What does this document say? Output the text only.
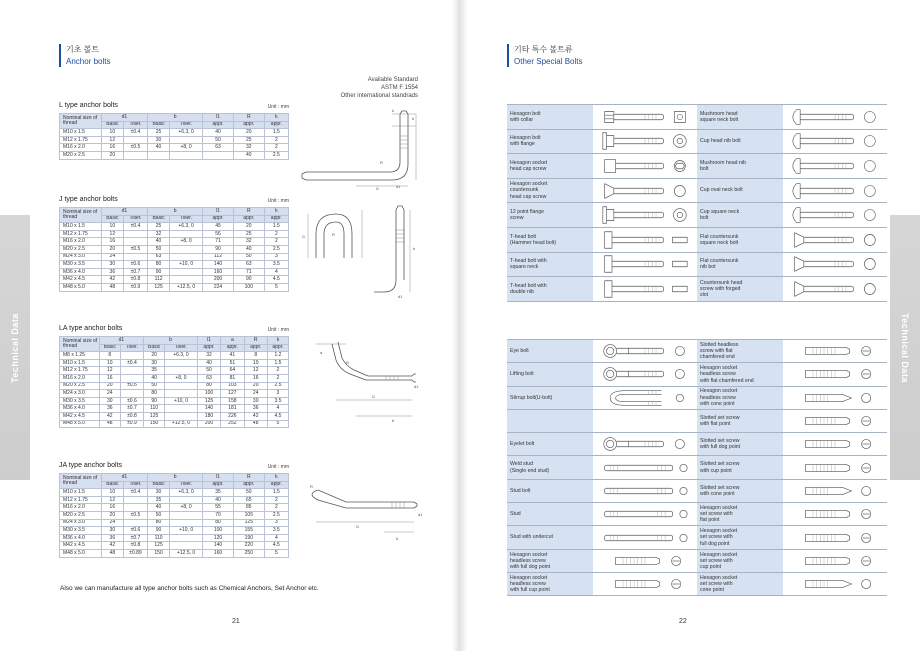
기초 볼트
Anchor bolts
기타 특수 볼트류
Other Special Bolts
Technical Data	Technical Data
Available Standard
ASTM F 1554
Other international standrads
L type anchor bolts	Unit : mm
Nominal size of thread	d1		b		l1	R	k
	Basic	Toler.	Basic	Toler.	appr.	appr.	appr.
M10 x 1.5	10	±0.4	25	+6.3, 0	40	20	1.5
M12 x 1.75	12		30		50	25	2
M16 x 2.0	16	±0.5	40	+8, 0	63	32	2
M20 x 2.5	20					40	2.5
k
b
R
l1	d1
J type anchor bolts	Unit : mm
Nominal size of thread	d1		b		l1	R	k
	Basic	Toler.	Basic	Toler.	appr.	appr.	appr.
M10 x 1.5	10	±0.4	25	+6.3, 0	45	20	1.5
M12 x 1.75	12		32		56	25	2
M16 x 2.0	16		40	+8, 0	71	32	2
M20 x 2.5	20	±0.5	50		90	40	2.5
M24 x 3.0	24		63		112	50	3
M30 x 3.5	30	±0.6	80	+10, 0	140	63	3.5
M36 x 4.0	36	±0.7	90		160	71	4
M42 x 4.5	42	±0.8	112		200	90	4.5
M48 x 5.0	48	±0.9	125	+12.5, 0	224	100	5
l1	R
b
d1
LA type anchor bolts	Unit : mm
Nominal size of thread	d1		b		l1	a	R	k
	Basic	Toler.	Basic	Toler.	appr.	appr.	appr.	appr.
M8 x 1.25	8		20	+6.3, 0	32	41	8	1.2
M10 x 1.5	10	±0.4	30		40	51	10	1.5
M12 x 1.75	12		35		50	64	12	2
M16 x 2.0	16		40	+8, 0	63	81	16	2
M20 x 2.5	20	±0.5	50		80	103	20	2.5
M24 x 3.0	24		80		100	127	24	3
M30 x 3.5	30	±0.6	90	+10, 0	125	158	30	3.5
M36 x 4.0	36	±0.7	110		140	181	36	4
M42 x 4.5	42	±0.8	125		180	226	42	4.5
M48 x 5.0	48	±0.9	150	+12.5, 0	200	252	48	5
a
R
l1
b
d1
JA type anchor bolts	Unit : mm
Nominal size of thread	d1		b		l1	R	k
	Basic	Toler.	Basic	Toler.	appr.	appr.	appr.
M10 x 1.5	10	±0.4	30	+6.3, 0	35	50	1.5
M12 x 1.75	12		35		40	65	2
M16 x 2.0	16		40	+8, 0	55	85	2
M20 x 2.5	20	±0.5	50		70	105	2.5
M24 x 3.0	24		80		80	125	3
M30 x 3.5	30	±0.6	90	+10, 0	100	155	3.5
M36 x 4.0	36	±0.7	110		120	190	4
M42 x 4.5	42	±0.8	125		140	220	4.5
M48 x 5.0	48	±0.89	150	+12.5, 0	160	250	5
R
l1
b
d1
Also we can manufacture all type anchor bolts such as Chemical Anchors, Set Anchor etc.
21	22
Hexagon bolt
with collar		Mushroom head
square neck bolt	

Hexagon bolt
with flange		Cup head nib bolt	

Hexagon socket
head cap screw		Mushroom head nib
bolt	

Hexagon socket
countersunk
head cap screw		Cup oval neck bolt	

12 point flange
screw		Cup square neck
bolt	

T-head bolt
(Hammer head bolt)		Flat countersunk
square neck bolt	

T-head bolt with
square neck		Flat countersunk
nib bot	

T-head bolt with
double nib		Countersunk head
screw with forged
slot	
Eye bolt		Slotted headless
screw with flat
chamfered end	

Lifting bolt		Hexagon socket
headless screw
with flat chamfered end	

Stirrup bolt(U-bolt)		Hexagon socket
headless screw
with cone point	

		Slotted set screw
with flat point	

Eyelet bolt		Slotted set screw
with full dog point	

Weld stud
(Single end stud)		Slotted set screw
with cup point	

Stud bolt		Slotted set screw
with cone point	

Stud		Hexagon socket
set screw with
flat point	

Stud with undercut		Hexagon socket
set screw with
full dog point	

Hexagon socket
headless screw
with full dog point		Hexagon socket
set screw with
cup point	

Hexagon socket
headless screw
with full cup point		Hexagon socket
set screw with
cone point	
